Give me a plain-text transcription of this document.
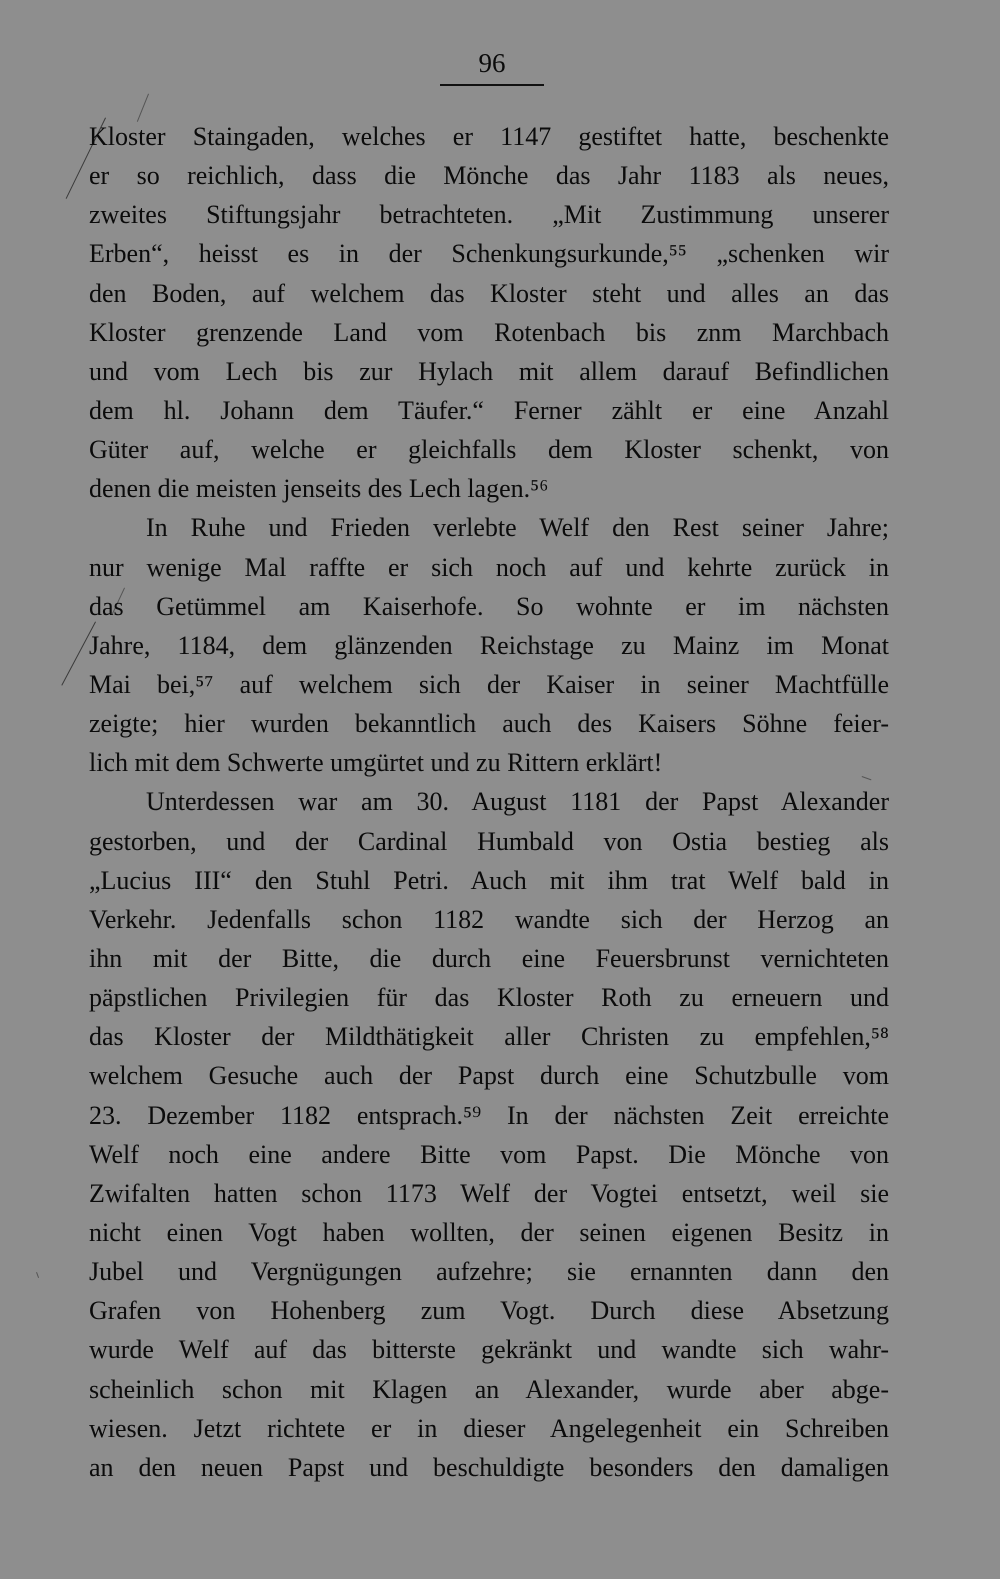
96
Kloster Staingaden, welches er 1147 gestiftet hatte, beschenkte
er so reichlich, dass die Mönche das Jahr 1183 als neues,
zweites Stiftungsjahr betrachteten. „Mit Zustimmung unserer
Erben“, heisst es in der Schenkungsurkunde,⁵⁵ „schenken wir
den Boden, auf welchem das Kloster steht und alles an das
Kloster grenzende Land vom Rotenbach bis znm Marchbach
und vom Lech bis zur Hylach mit allem darauf Befindlichen
dem hl. Johann dem Täufer.“ Ferner zählt er eine Anzahl
Güter auf, welche er gleichfalls dem Kloster schenkt, von
denen die meisten jenseits des Lech lagen.⁵⁶
In Ruhe und Frieden verlebte Welf den Rest seiner Jahre;
nur wenige Mal raffte er sich noch auf und kehrte zurück in
das Getümmel am Kaiserhofe. So wohnte er im nächsten
Jahre, 1184, dem glänzenden Reichstage zu Mainz im Monat
Mai bei,⁵⁷ auf welchem sich der Kaiser in seiner Machtfülle
zeigte; hier wurden bekanntlich auch des Kaisers Söhne feier-
lich mit dem Schwerte umgürtet und zu Rittern erklärt!
Unterdessen war am 30. August 1181 der Papst Alexander
gestorben, und der Cardinal Humbald von Ostia bestieg als
„Lucius III“ den Stuhl Petri. Auch mit ihm trat Welf bald in
Verkehr. Jedenfalls schon 1182 wandte sich der Herzog an
ihn mit der Bitte, die durch eine Feuersbrunst vernichteten
päpstlichen Privilegien für das Kloster Roth zu erneuern und
das Kloster der Mildthätigkeit aller Christen zu empfehlen,⁵⁸
welchem Gesuche auch der Papst durch eine Schutzbulle vom
23. Dezember 1182 entsprach.⁵⁹ In der nächsten Zeit erreichte
Welf noch eine andere Bitte vom Papst. Die Mönche von
Zwifalten hatten schon 1173 Welf der Vogtei entsetzt, weil sie
nicht einen Vogt haben wollten, der seinen eigenen Besitz in
Jubel und Vergnügungen aufzehre; sie ernannten dann den
Grafen von Hohenberg zum Vogt. Durch diese Absetzung
wurde Welf auf das bitterste gekränkt und wandte sich wahr-
scheinlich schon mit Klagen an Alexander, wurde aber abge-
wiesen. Jetzt richtete er in dieser Angelegenheit ein Schreiben
an den neuen Papst und beschuldigte besonders den damaligen
